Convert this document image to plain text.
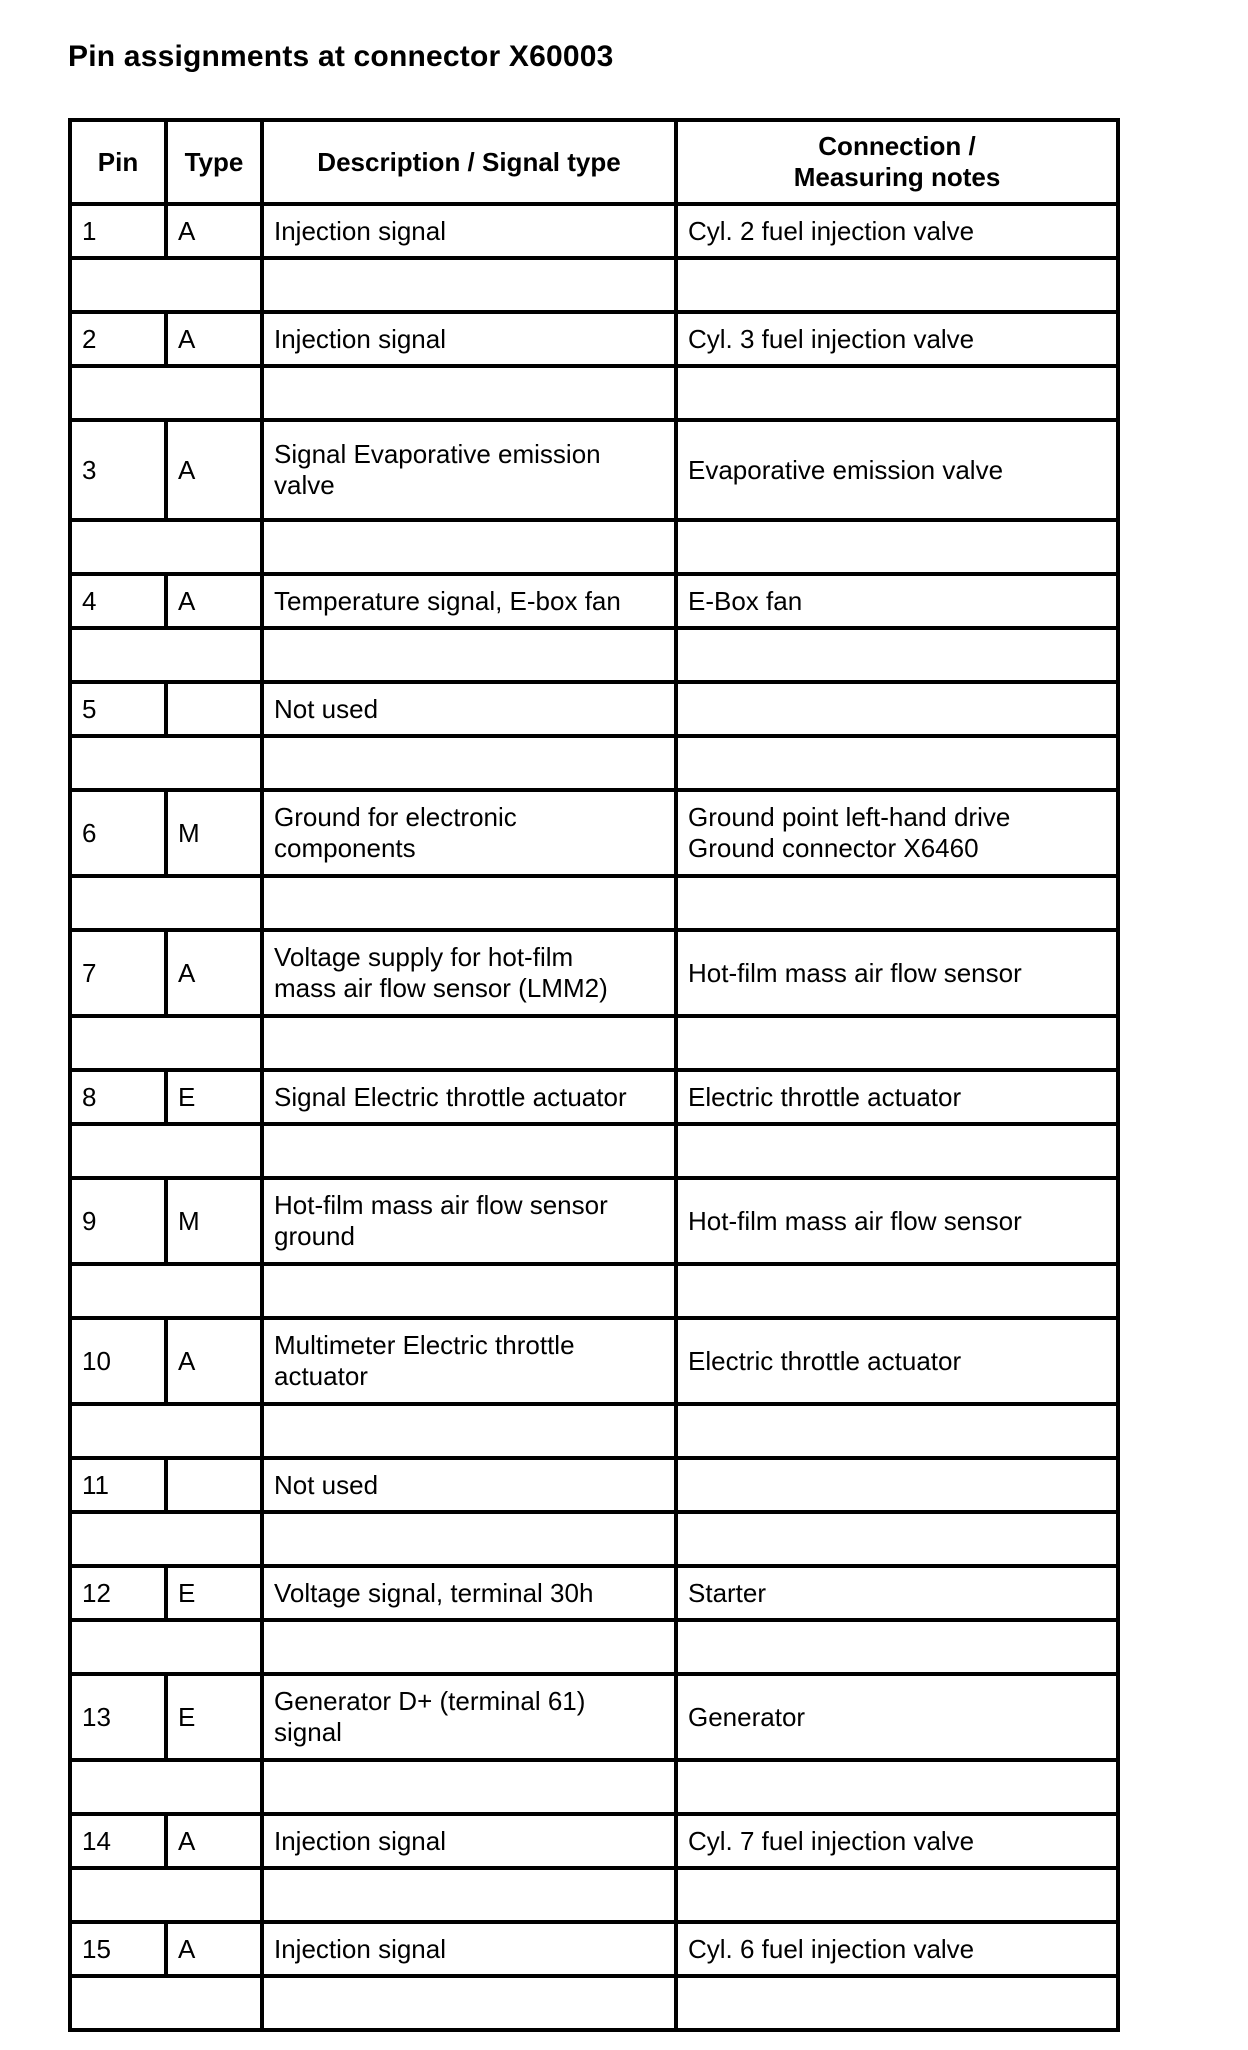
Pin assignments at connector X60003
Pin	Type	Description / Signal type	Connection /
Measuring notes

1	A	Injection signal	Cyl. 2 fuel injection valve

2	A	Injection signal	Cyl. 3 fuel injection valve

3	A	Signal Evaporative emission
valve	Evaporative emission valve

4	A	Temperature signal, E-box fan	E-Box fan

5		Not used	

6	M	Ground for electronic
components	Ground point left-hand drive
Ground connector X6460

7	A	Voltage supply for hot-film
mass air flow sensor (LMM2)	Hot-film mass air flow sensor

8	E	Signal Electric throttle actuator	Electric throttle actuator

9	M	Hot-film mass air flow sensor
ground	Hot-film mass air flow sensor

10	A	Multimeter Electric throttle
actuator	Electric throttle actuator

11		Not used	

12	E	Voltage signal, terminal 30h	Starter

13	E	Generator D+ (terminal 61)
signal	Generator

14	A	Injection signal	Cyl. 7 fuel injection valve

15	A	Injection signal	Cyl. 6 fuel injection valve
